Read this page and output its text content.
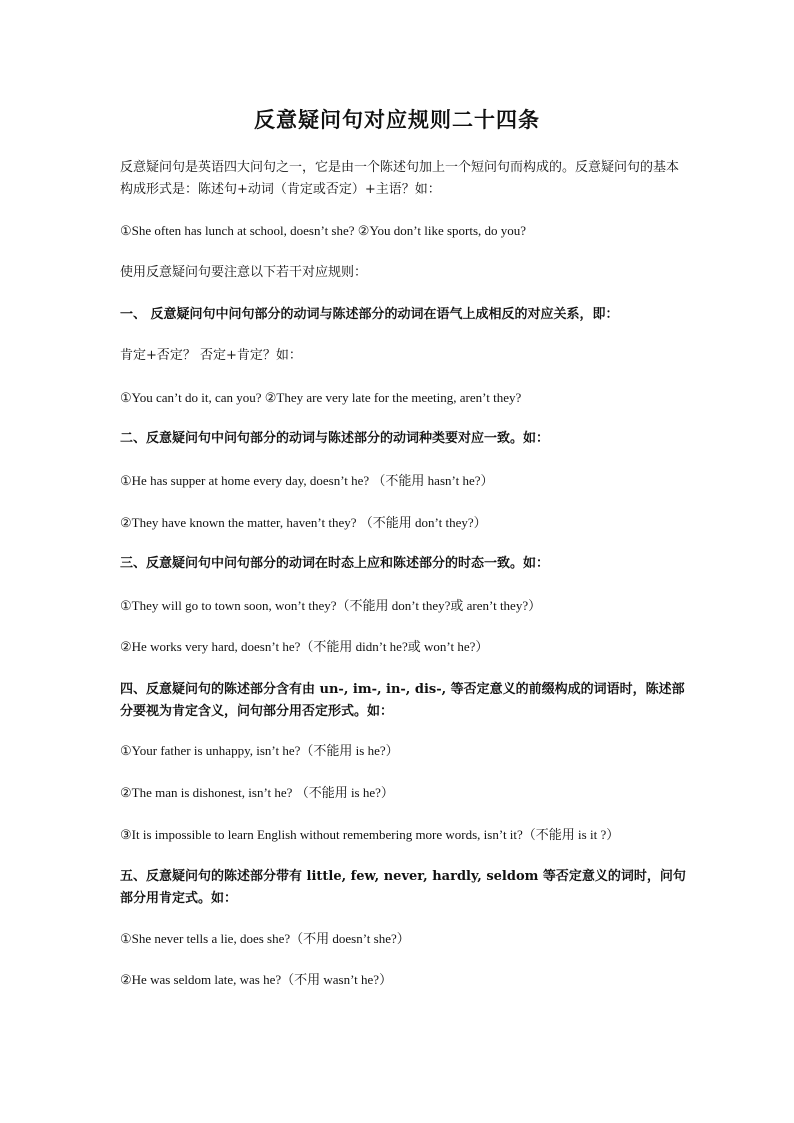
反意疑问句对应规则二十四条
反意疑问句是英语四大问句之一，它是由一个陈述句加上一个短问句而构成的。反意疑问句的基本构成形式是：陈述句+动词（肯定或否定）+主语？如：
①She often has lunch at school, doesn’t she? ②You don’t like sports, do you?
使用反意疑问句要注意以下若干对应规则：
一、 反意疑问句中问句部分的动词与陈述部分的动词在语气上成相反的对应关系，即：
肯定+否定？ 否定+肯定？如：
①You can’t do it, can you? ②They are very late for the meeting, aren’t they?
二、反意疑问句中问句部分的动词与陈述部分的动词种类要对应一致。如：
①He has supper at home every day, doesn’t he? （不能用 hasn’t he?）
②They have known the matter, haven’t they? （不能用 don’t they?）
三、反意疑问句中问句部分的动词在时态上应和陈述部分的时态一致。如：
①They will go to town soon, won’t they?（不能用 don’t they?或 aren’t they?）
②He works very hard, doesn’t he?（不能用 didn’t he?或 won’t he?）
四、反意疑问句的陈述部分含有由 un-, im-, in-, dis-, 等否定意义的前缀构成的词语时，陈述部分要视为肯定含义，问句部分用否定形式。如：
①Your father is unhappy, isn’t he?（不能用 is he?）
②The man is dishonest, isn’t he? （不能用 is he?）
③It is impossible to learn English without remembering more words, isn’t it?（不能用 is it ?）
五、反意疑问句的陈述部分带有 little, few, never, hardly, seldom 等否定意义的词时，问句部分用肯定式。如：
①She never tells a lie, does she?（不用 doesn’t she?）
②He was seldom late, was he?（不用 wasn’t he?）
